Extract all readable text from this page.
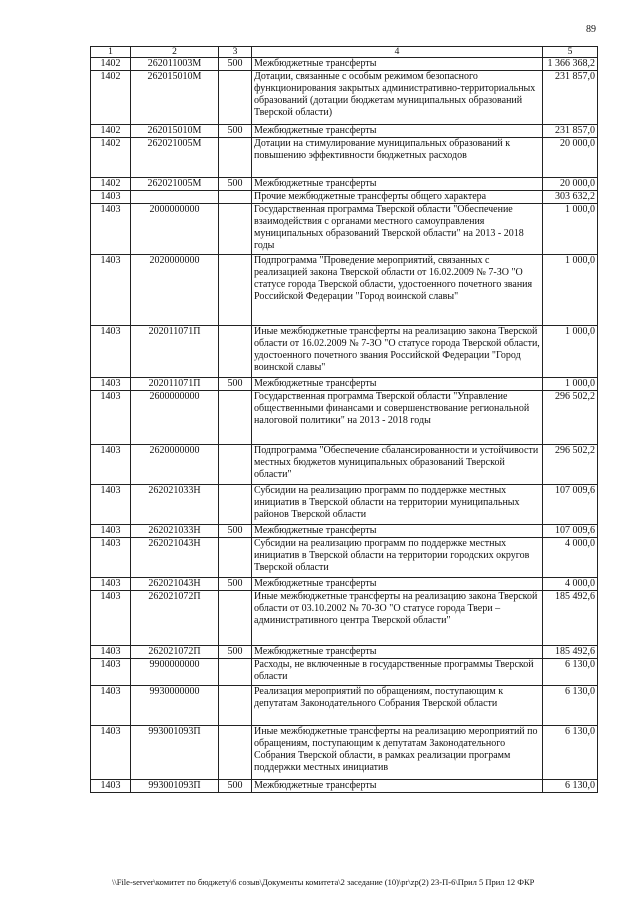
89
1	2	3	4	5
1402	262011003М	500	Межбюджетные трансферты	1 366 368,2
1402	262015010М		Дотации, связанные с особым режимом безопасного функционирования закрытых административно-территориальных образований (дотации бюджетам муниципальных образований Тверской области)	231 857,0
1402	262015010М	500	Межбюджетные трансферты	231 857,0
1402	262021005М		Дотации на стимулирование муниципальных образований к повышению эффективности бюджетных расходов	20 000,0
1402	262021005М	500	Межбюджетные трансферты	20 000,0
1403			Прочие межбюджетные трансферты общего характера	303 632,2
1403	2000000000		Государственная программа Тверской области "Обеспечение взаимодействия с органами местного самоуправления муниципальных образований Тверской области" на 2013 - 2018 годы	1 000,0
1403	2020000000		Подпрограмма "Проведение мероприятий, связанных с реализацией закона Тверской области от 16.02.2009 № 7-ЗО "О статусе города Тверской области, удостоенного почетного звания Российской Федерации "Город воинской славы"	1 000,0
1403	202011071П		Иные межбюджетные трансферты на реализацию закона Тверской области от 16.02.2009 № 7-ЗО "О статусе города Тверской области, удостоенного почетного звания Российской Федерации "Город воинской славы"	1 000,0
1403	202011071П	500	Межбюджетные трансферты	1 000,0
1403	2600000000		Государственная программа Тверской области "Управление общественными финансами и совершенствование региональной налоговой политики" на 2013 - 2018 годы	296 502,2
1403	2620000000		Подпрограмма "Обеспечение сбалансированности и устойчивости местных бюджетов муниципальных образований Тверской области"	296 502,2
1403	262021033Н		Субсидии на реализацию программ по поддержке местных инициатив в Тверской области на территории муниципальных районов Тверской области	107 009,6
1403	262021033Н	500	Межбюджетные трансферты	107 009,6
1403	262021043Н		Субсидии на реализацию программ по поддержке местных инициатив в Тверской области на территории городских округов Тверской области	4 000,0
1403	262021043Н	500	Межбюджетные трансферты	4 000,0
1403	262021072П		Иные межбюджетные трансферты на реализацию закона Тверской области от 03.10.2002 № 70-ЗО "О статусе города Твери – административного центра Тверской области"	185 492,6
1403	262021072П	500	Межбюджетные трансферты	185 492,6
1403	9900000000		Расходы, не включенные в государственные программы Тверской области	6 130,0
1403	9930000000		Реализация мероприятий по обращениям, поступающим к депутатам Законодательного Собрания Тверской области	6 130,0
1403	993001093П		Иные межбюджетные трансферты на реализацию мероприятий по обращениям, поступающим к депутатам Законодательного Собрания Тверской области, в рамках реализации программ поддержки местных инициатив	6 130,0
1403	993001093П	500	Межбюджетные трансферты	6 130,0
\\File-server\комитет по бюджету\6 созыв\Документы комитета\2 заседание (10)\pr\zp(2) 23-П-6\Прил 5 Прил 12 ФКР
